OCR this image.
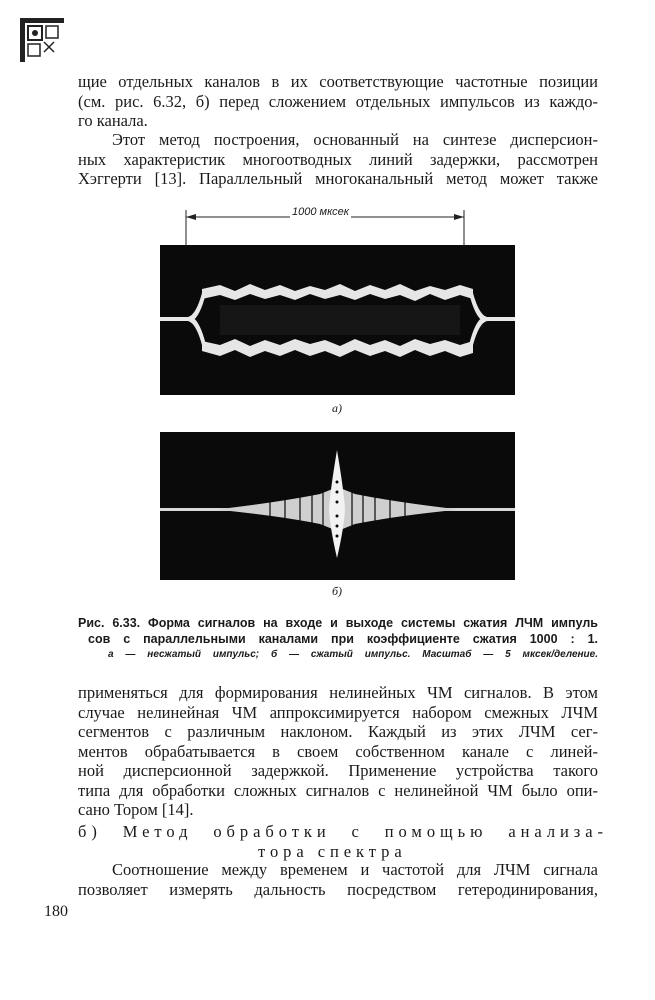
щие отдельных каналов в их соответствующие частотные позиции
(см. рис. 6.32, б) перед сложением отдельных импульсов из каждо-
го канала.
Этот метод построения, основанный на синтезе дисперсион-
ных характеристик многоотводных линий задержки, рассмотрен
Хэггерти [13]. Параллельный многоканальный метод может также
1000 мксек
а)
б)
Рис. 6.33. Форма сигналов на входе и выходе системы сжатия ЛЧМ импуль
сов с параллельными каналами при коэффициенте сжатия 1000 : 1.
а — несжатый импульс; б — сжатый импульс. Масштаб — 5 мксек/деление.
применяться для формирования нелинейных ЧМ сигналов. В этом
случае нелинейная ЧМ аппроксимируется набором смежных ЛЧМ
сегментов с различным наклоном. Каждый из этих ЛЧМ сег-
ментов обрабатывается в своем собственном канале с линей-
ной дисперсионной задержкой. Применение устройства такого
типа для обработки сложных сигналов с нелинейной ЧМ было опи-
сано Тором [14].
б) Метод обработки с помощью анализа-
тора спектра
Соотношение между временем и частотой для ЛЧМ сигнала
позволяет измерять дальность посредством гетеродинирования,
180
